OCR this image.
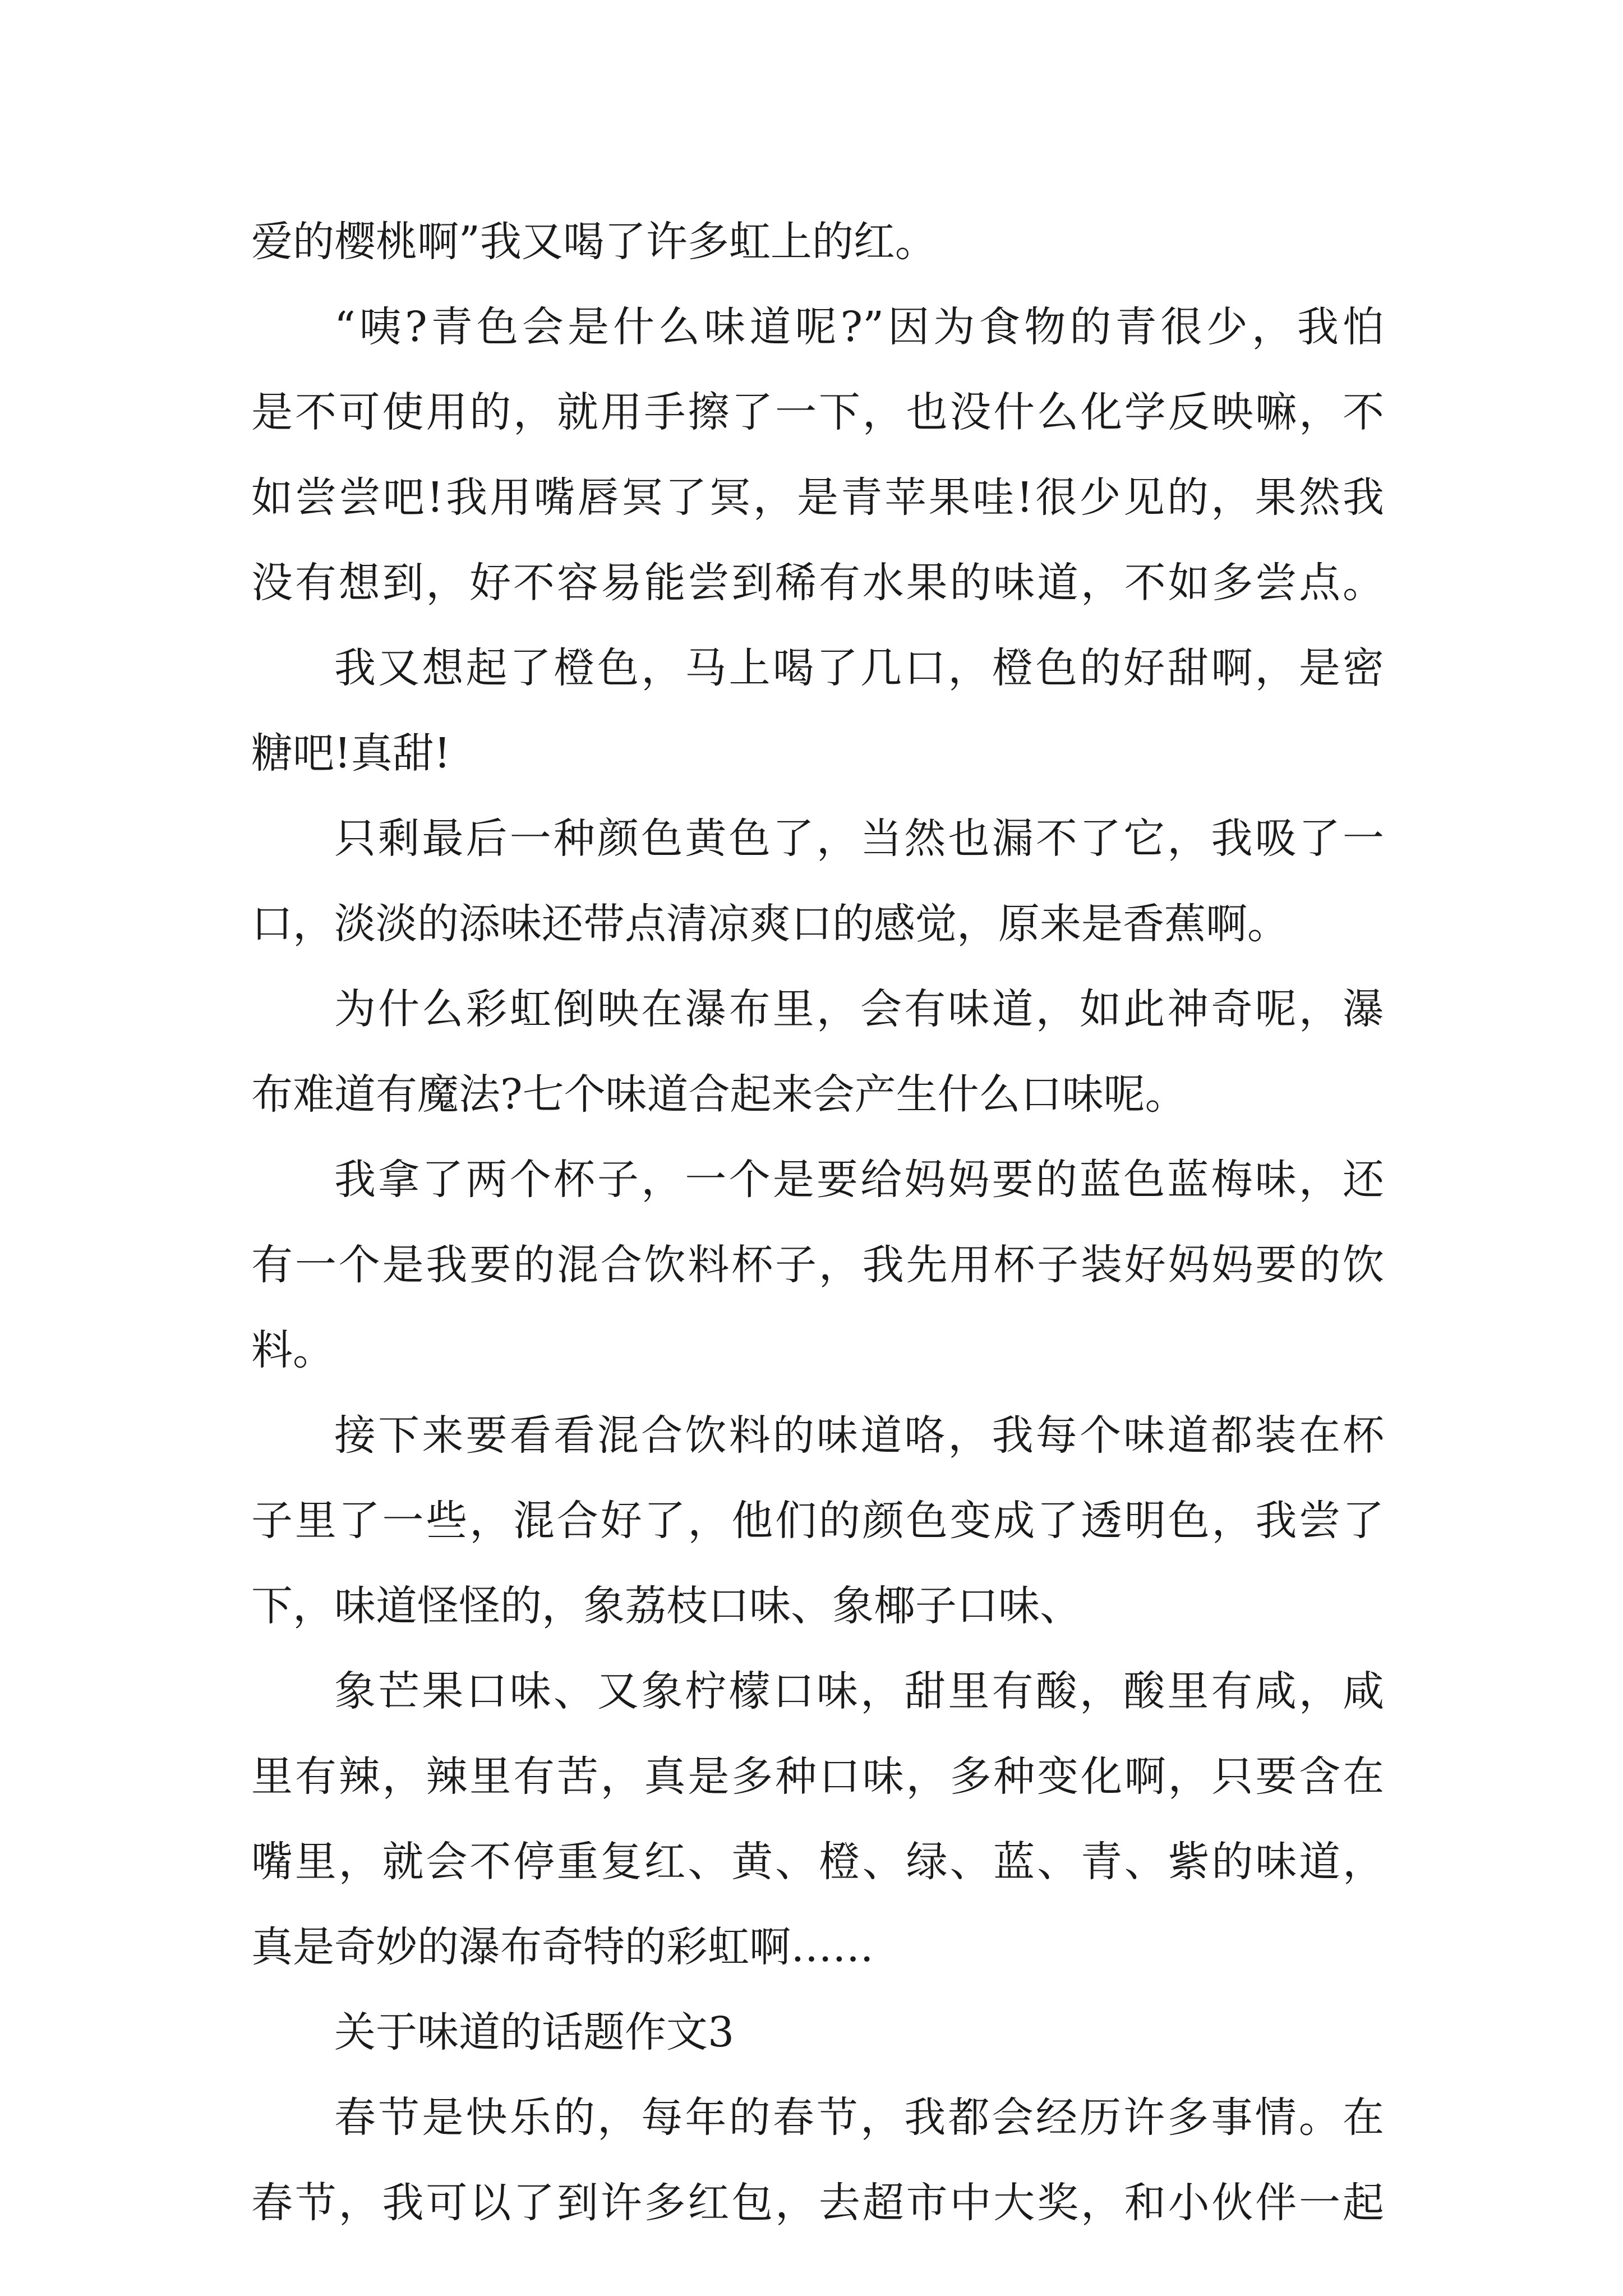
爱的樱桃啊”我又喝了许多虹上的红。
“咦?青色会是什么味道呢?”因为食物的青很少，我怕
是不可使用的，就用手擦了一下，也没什么化学反映嘛，不
如尝尝吧!我用嘴唇冥了冥，是青苹果哇!很少见的，果然我
没有想到，好不容易能尝到稀有水果的味道，不如多尝点。
我又想起了橙色，马上喝了几口，橙色的好甜啊，是密
糖吧!真甜!
只剩最后一种颜色黄色了，当然也漏不了它，我吸了一
口，淡淡的添味还带点清凉爽口的感觉，原来是香蕉啊。
为什么彩虹倒映在瀑布里，会有味道，如此神奇呢，瀑
布难道有魔法?七个味道合起来会产生什么口味呢。
我拿了两个杯子，一个是要给妈妈要的蓝色蓝梅味，还
有一个是我要的混合饮料杯子，我先用杯子装好妈妈要的饮
料。
接下来要看看混合饮料的味道咯，我每个味道都装在杯
子里了一些，混合好了，他们的颜色变成了透明色，我尝了
下，味道怪怪的，象荔枝口味、象椰子口味、
象芒果口味、又象柠檬口味，甜里有酸，酸里有咸，咸
里有辣，辣里有苦，真是多种口味，多种变化啊，只要含在
嘴里，就会不停重复红、黄、橙、绿、蓝、青、紫的味道，
真是奇妙的瀑布奇特的彩虹啊……
关于味道的话题作文3
春节是快乐的，每年的春节，我都会经历许多事情。在
春节，我可以了到许多红包，去超市中大奖，和小伙伴一起
